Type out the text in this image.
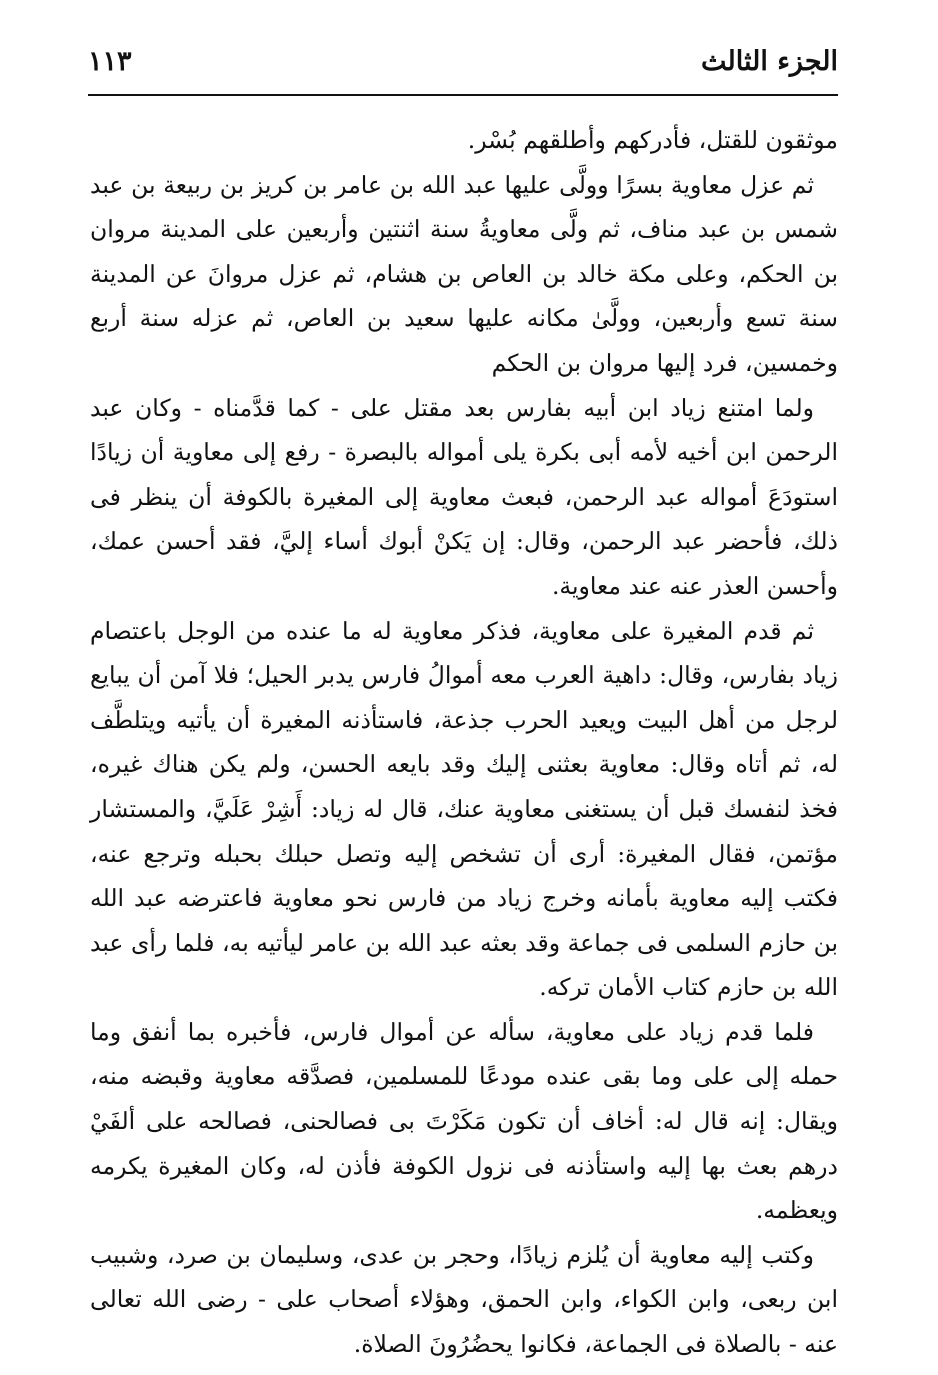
الجزء الثالث
١١٣

موثقون للقتل، فأدركهم وأطلقهم بُسْر.

ثم عزل معاوية بسرًا وولَّى عليها عبد الله بن عامر بن كريز بن ربيعة بن عبد شمس بن عبد مناف، ثم ولَّى معاويةُ سنة اثنتين وأربعين على المدينة مروان بن الحكم، وعلى مكة خالد بن العاص بن هشام، ثم عزل مروانَ عن المدينة سنة تسع وأربعين، وولَّىٰ مكانه عليها سعيد بن العاص، ثم عزله سنة أربع وخمسين، فرد إليها مروان بن الحكم

ولما امتنع زياد ابن أبيه بفارس بعد مقتل على - كما قدَّمناه - وكان عبد الرحمن ابن أخيه لأمه أبى بكرة يلى أمواله بالبصرة - رفع إلى معاوية أن زيادًا استودَعَ أمواله عبد الرحمن، فبعث معاوية إلى المغيرة بالكوفة أن ينظر فى ذلك، فأحضر عبد الرحمن، وقال: إن يَكنْ أبوك أساء إليَّ، فقد أحسن عمك، وأحسن العذر عنه عند معاوية.

ثم قدم المغيرة على معاوية، فذكر معاوية له ما عنده من الوجل باعتصام زياد بفارس، وقال: داهية العرب معه أموالُ فارس يدبر الحيل؛ فلا آمن أن يبايع لرجل من أهل البيت ويعيد الحرب جذعة، فاستأذنه المغيرة أن يأتيه ويتلطَّف له، ثم أتاه وقال: معاوية بعثنى إليك وقد بايعه الحسن، ولم يكن هناك غيره، فخذ لنفسك قبل أن يستغنى معاوية عنك، قال له زياد: أَشِرْ عَلَيَّ، والمستشار مؤتمن، فقال المغيرة: أرى أن تشخص إليه وتصل حبلك بحبله وترجع عنه، فكتب إليه معاوية بأمانه وخرج زياد من فارس نحو معاوية فاعترضه عبد الله بن حازم السلمى فى جماعة وقد بعثه عبد الله بن عامر ليأتيه به، فلما رأى عبد الله بن حازم كتاب الأمان تركه.

فلما قدم زياد على معاوية، سأله عن أموال فارس، فأخبره بما أنفق وما حمله إلى على وما بقى عنده مودعًا للمسلمين، فصدَّقه معاوية وقبضه منه، ويقال: إنه قال له: أخاف أن تكون مَكَرْتَ بى فصالحنى، فصالحه على ألفَيْ درهم بعث بها إليه واستأذنه فى نزول الكوفة فأذن له، وكان المغيرة يكرمه ويعظمه.

وكتب إليه معاوية أن يُلزم زيادًا، وحجر بن عدى، وسليمان بن صرد، وشبيب ابن ربعى، وابن الكواء، وابن الحمق، وهؤلاء أصحاب على - رضى الله تعالى عنه - بالصلاة فى الجماعة، فكانوا يحضُرُونَ الصلاة.
